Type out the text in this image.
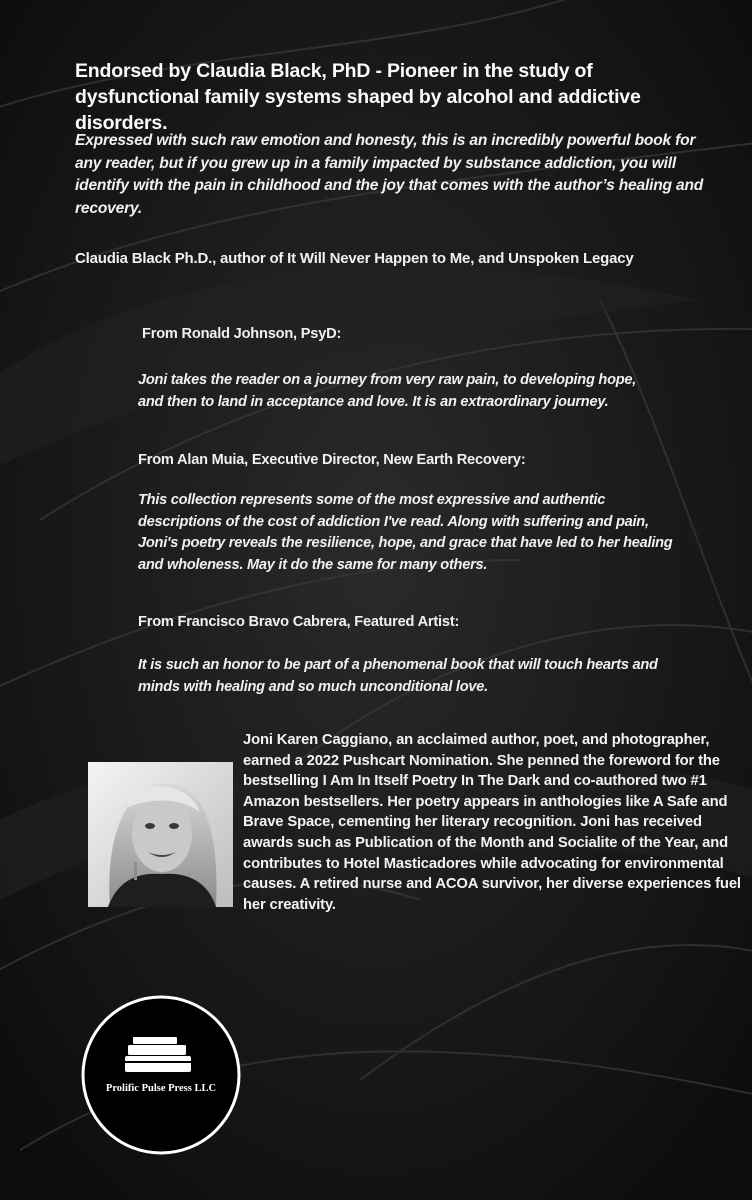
Endorsed by Claudia Black, PhD - Pioneer in the study of dysfunctional family systems shaped by alcohol and addictive disorders.
Expressed with such raw emotion and honesty, this is an incredibly powerful book for any reader, but if you grew up in a family impacted by substance addiction, you will identify with the pain in childhood and the joy that comes with the author’s healing and recovery.
Claudia Black Ph.D., author of It Will Never Happen to Me, and Unspoken Legacy
From Ronald Johnson, PsyD:
Joni takes the reader on a journey from very raw pain, to developing hope,
and then to land in acceptance and love. It is an extraordinary journey.
From Alan Muia, Executive Director, New Earth Recovery:
This collection represents some of the most expressive and authentic
descriptions of the cost of addiction I've read. Along with suffering and pain,
Joni's poetry reveals the resilience, hope, and grace that have led to her healing
and wholeness. May it do the same for many others.
From Francisco Bravo Cabrera, Featured Artist:
It is such an honor to be part of a phenomenal book that will touch hearts and
minds with healing and so much unconditional love.
Joni Karen Caggiano, an acclaimed author, poet, and photographer, earned a 2022 Pushcart Nomination. She penned the foreword for the bestselling I Am In Itself Poetry In The Dark and co-authored two #1 Amazon bestsellers. Her poetry appears in anthologies like A Safe and Brave Space, cementing her literary recognition. Joni has received awards such as Publication of the Month and Socialite of the Year, and contributes to Hotel Masticadores while advocating for environmental causes. A retired nurse and ACOA survivor, her diverse experiences fuel her creativity.
Prolific Pulse Press LLC
